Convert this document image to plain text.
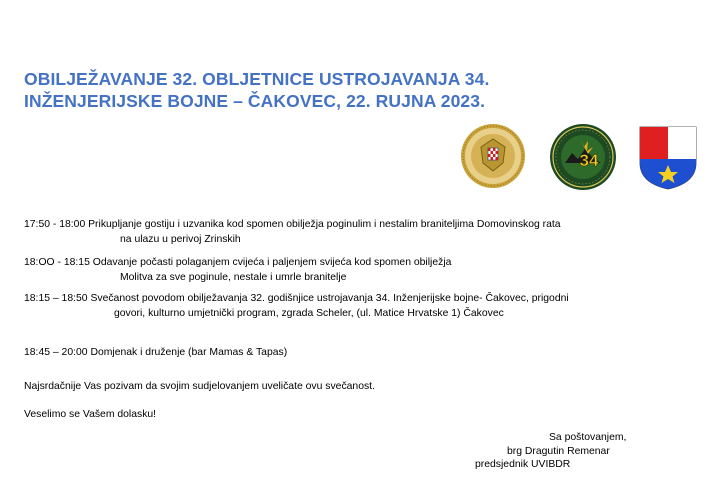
OBILJEŽAVANJE 32. OBLJETNICE USTROJAVANJA 34.
INŽENJERIJSKE BOJNE – ČAKOVEC, 22. RUJNA 2023.
34
17:50 - 18:00 Prikupljanje gostiju i uzvanika kod spomen obilježja poginulim i nestalim braniteljima Domovinskog rata
na ulazu u perivoj Zrinskih
18:OO - 18:15 Odavanje počasti polaganjem cvijeća i paljenjem svijeća kod spomen obilježja
Molitva za sve poginule, nestale i umrle branitelje
18:15 – 18:50 Svečanost povodom obilježavanja 32. godišnjice ustrojavanja 34. Inženjerijske bojne- Čakovec, prigodni
govori, kulturno umjetnički program, zgrada Scheler, (ul. Matice Hrvatske 1) Čakovec
18:45 – 20:00 Domjenak i druženje (bar Mamas & Tapas)
Najsrdačnije Vas pozivam da svojim sudjelovanjem uveličate ovu svečanost.
Veselimo se Vašem dolasku!
Sa poštovanjem,
brg Dragutin Remenar
predsjednik UVIBDR
